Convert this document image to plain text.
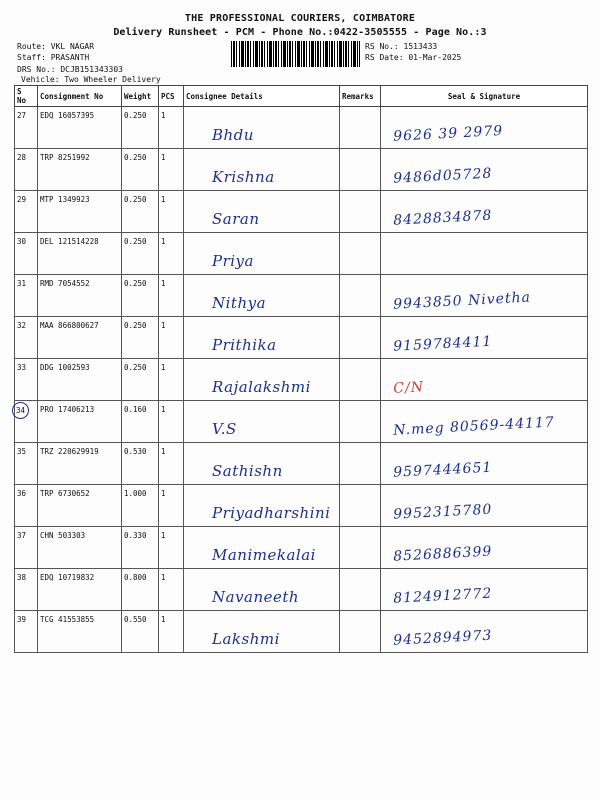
THE PROFESSIONAL COURIERS, COIMBATORE
Delivery Runsheet - PCM - Phone No.:0422-3505555 - Page No.:3
Route: VKL NAGAR
Staff: PRASANTH
DRS No.: DCJB151343303
Vehicle: Two Wheeler Delivery
RS No.: 1513433
RS Date: 01-Mar-2025
S No	Consignment No	Weight	PCS	Consignee Details	Remarks	Seal & Signature
27	EDQ 16057395	0.250	1	Bhdu		9626 39 2979

28	TRP 8251992	0.250	1	Krishna		9486d05728

29	MTP 1349923	0.250	1	Saran		8428834878

30	DEL 121514228	0.250	1	Priya		

31	RMD 7054552	0.250	1	Nithya		9943850 Nivetha

32	MAA 866800627	0.250	1	Prithika		9159784411

33	DDG 1002593	0.250	1	Rajalakshmi		C/N

34	PRO 17406213	0.160	1	V.S		N.meg 80569-44117

35	TRZ 220629919	0.530	1	Sathishn		9597444651

36	TRP 6730652	1.000	1	Priyadharshini		9952315780

37	CHN 503303	0.330	1	Manimekalai		8526886399

38	EDQ 10719832	0.800	1	Navaneeth		8124912772

39	TCG 41553855	0.550	1	Lakshmi		9452894973
